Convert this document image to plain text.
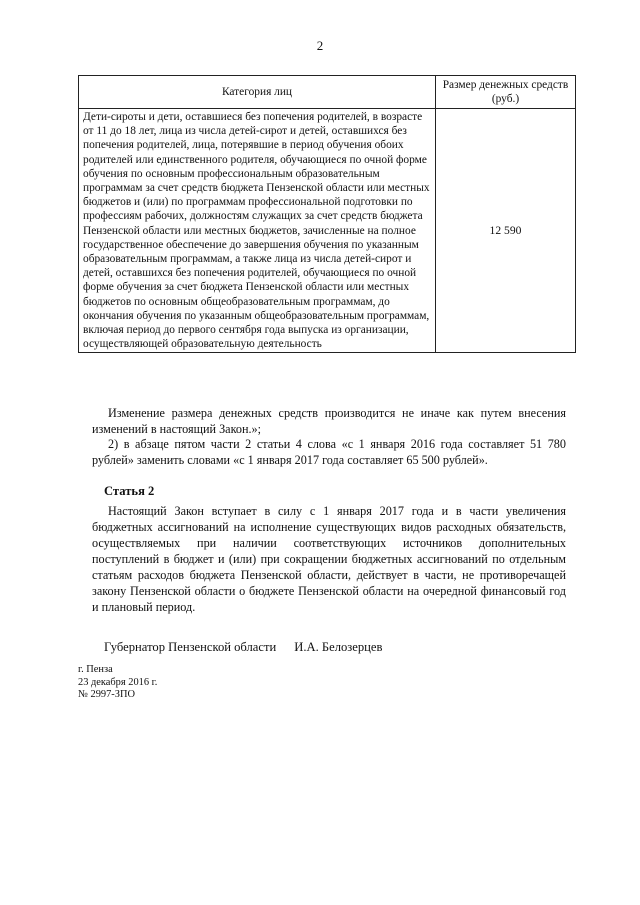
2
Категория лиц	Размер денежных средств (руб.)
Дети-сироты и дети, оставшиеся без попечения родителей, в возрасте от 11 до 18 лет, лица из числа детей-сирот и детей, оставшихся без попечения родителей, лица, потерявшие в период обучения обоих родителей или единственного родителя, обучающиеся по очной форме обучения по основным профессиональным образовательным программам за счет средств бюджета Пензенской области или местных бюджетов и (или) по программам профессиональной подготовки по профессиям рабочих, должностям служащих за счет средств бюджета Пензенской области или местных бюджетов, зачисленные на полное государственное обеспечение до завершения обучения по указанным образовательным программам, а также лица из числа детей-сирот и детей, оставшихся без попечения родителей, обучающиеся по очной форме обучения за счет бюджета Пензенской области или местных бюджетов по основным общеобразовательным программам, до окончания обучения по указанным общеобразовательным программам, включая период до первого сентября года выпуска из организации, осуществляющей образовательную деятельность	12 590
Изменение размера денежных средств производится не иначе как путем внесения изменений в настоящий Закон.»;
2) в абзаце пятом части 2 статьи 4 слова «с 1 января 2016 года составляет 51 780 рублей» заменить словами «с 1 января 2017 года составляет 65 500 рублей».
Статья 2
Настоящий Закон вступает в силу с 1 января 2017 года и в части увеличения бюджетных ассигнований на исполнение существующих видов расходных обязательств, осуществляемых при наличии соответствующих источников дополнительных поступлений в бюджет и (или) при сокращении бюджетных ассигнований по отдельным статьям расходов бюджета Пензенской области, действует в части, не противоречащей закону Пензенской области о бюджете Пензенской области на очередной финансовый год и плановый период.
Губернатор Пензенской области И.А. Белозерцев
г. Пенза
23 декабря 2016 г.
№ 2997-ЗПО
